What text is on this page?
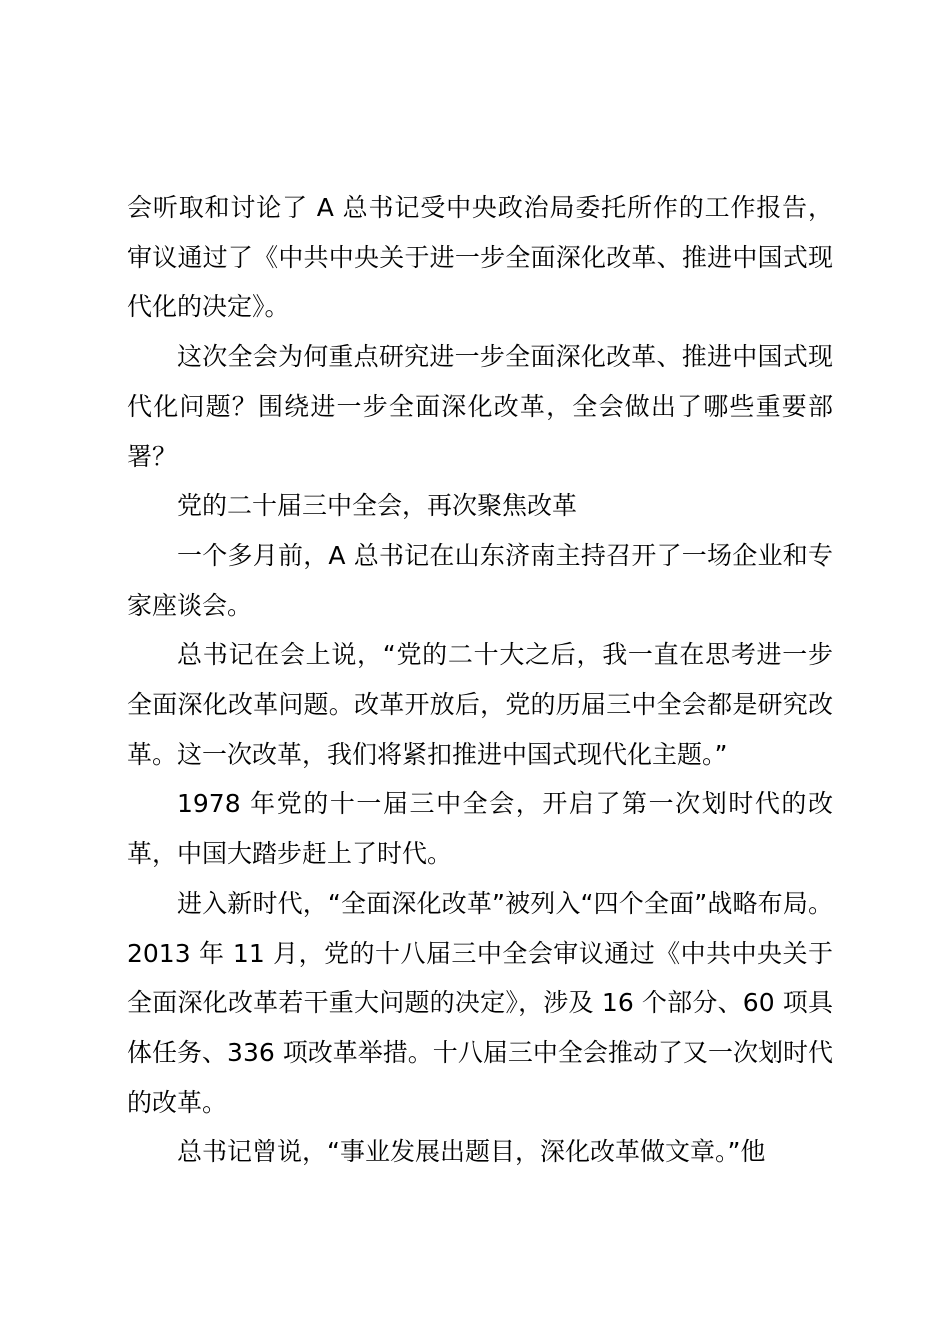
会听取和讨论了 A 总书记受中央政治局委托所作的工作报告，审议通过了《中共中央关于进一步全面深化改革、推进中国式现代化的决定》。

这次全会为何重点研究进一步全面深化改革、推进中国式现代化问题？围绕进一步全面深化改革，全会做出了哪些重要部署？

党的二十届三中全会，再次聚焦改革

一个多月前，A 总书记在山东济南主持召开了一场企业和专家座谈会。

总书记在会上说，“党的二十大之后，我一直在思考进一步全面深化改革问题。改革开放后，党的历届三中全会都是研究改革。这一次改革，我们将紧扣推进中国式现代化主题。”

1978 年党的十一届三中全会，开启了第一次划时代的改革，中国大踏步赶上了时代。

进入新时代，“全面深化改革”被列入“四个全面”战略布局。2013 年 11 月，党的十八届三中全会审议通过《中共中央关于全面深化改革若干重大问题的决定》，涉及 16 个部分、60 项具体任务、336 项改革举措。十八届三中全会推动了又一次划时代的改革。

总书记曾说，“事业发展出题目，深化改革做文章。”他
